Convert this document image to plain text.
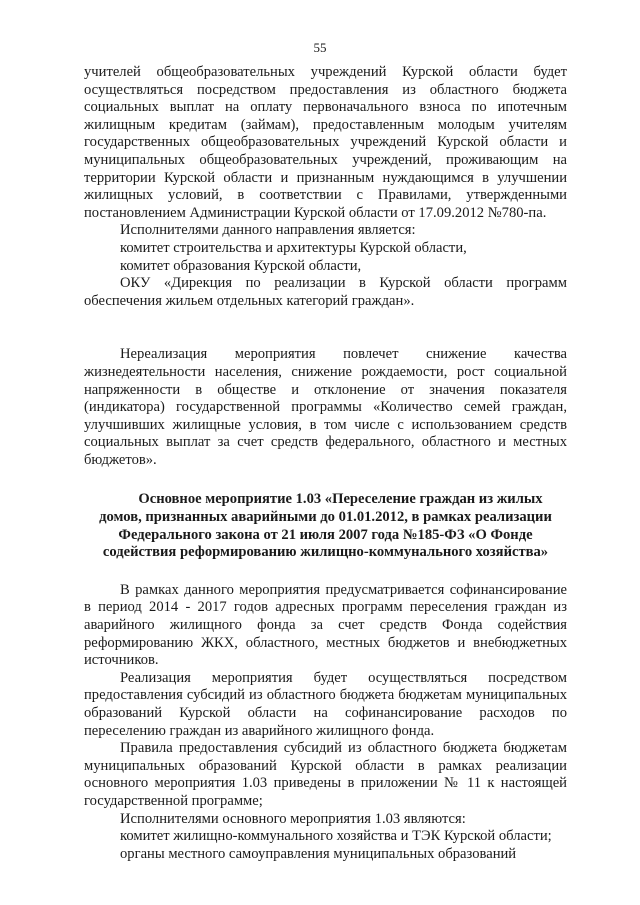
55

учителей общеобразовательных учреждений Курской области будет осуществляться посредством предоставления из областного бюджета социальных выплат на оплату первоначального взноса по ипотечным жилищным кредитам (займам), предоставленным молодым учителям государственных общеобразовательных учреждений Курской области и муниципальных общеобразовательных учреждений, проживающим на территории Курской области и признанным нуждающимся в улучшении жилищных условий, в соответствии с Правилами, утвержденными постановлением Администрации Курской области от 17.09.2012 №780-па.

Исполнителями данного направления является:

комитет строительства и архитектуры Курской области,

комитет образования Курской области,

ОКУ «Дирекция по реализации в Курской области программ обеспечения жильем отдельных категорий граждан».

Нереализация мероприятия повлечет снижение качества жизнедеятельности населения, снижение рождаемости, рост социальной напряженности в обществе и отклонение от значения показателя (индикатора) государственной программы «Количество семей граждан, улучшивших жилищные условия, в том числе с использованием средств социальных выплат за счет средств федерального, областного и местных бюджетов».

Основное мероприятие 1.03 «Переселение граждан из жилых домов, признанных аварийными до 01.01.2012, в рамках реализации Федерального закона от 21 июля 2007 года №185-ФЗ «О Фонде содействия реформированию жилищно-коммунального хозяйства»

В рамках данного мероприятия предусматривается софинансирование в период 2014 - 2017 годов адресных программ переселения граждан из аварийного жилищного фонда за счет средств Фонда содействия реформированию ЖКХ, областного, местных бюджетов и внебюджетных источников.

Реализация мероприятия будет осуществляться посредством предоставления субсидий из областного бюджета бюджетам муниципальных образований Курской области на софинансирование расходов по переселению граждан из аварийного жилищного фонда.

Правила предоставления субсидий из областного бюджета бюджетам муниципальных образований Курской области в рамках реализации основного мероприятия 1.03 приведены в приложении № 11 к настоящей государственной программе;

Исполнителями основного мероприятия 1.03 являются:

комитет жилищно-коммунального хозяйства и ТЭК Курской области;

органы местного самоуправления муниципальных образований
